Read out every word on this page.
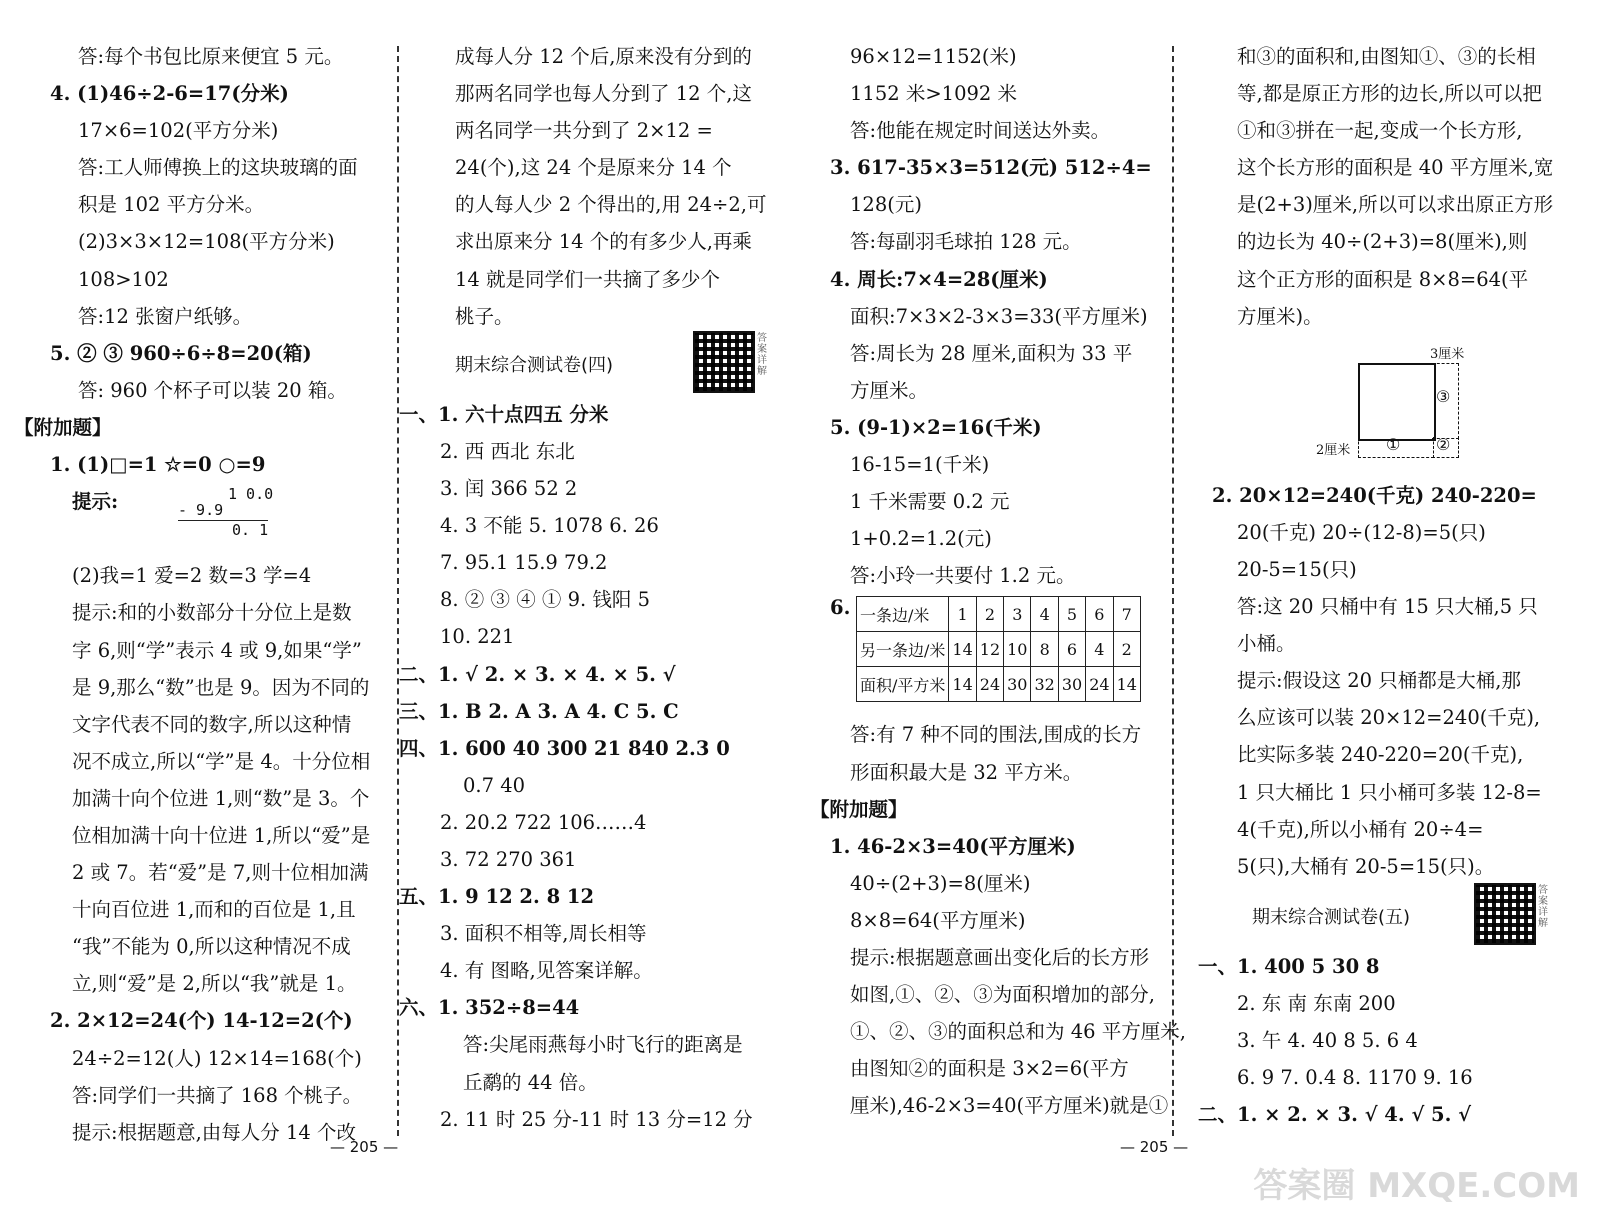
答:每个书包比原来便宜 5 元。
4. (1)46÷2-6=17(分米)
17×6=102(平方分米)
答:工人师傅换上的这块玻璃的面
积是 102 平方分米。
(2)3×3×12=108(平方分米)
108>102
答:12 张窗户纸够。
5. ② ③ 960÷6÷8=20(箱)
答: 960 个杯子可以装 20 箱。
【附加题】
1. (1)□=1 ☆=0 ○=9
提示:	1 0.0
- 9.9
0. 1
(2)我=1 爱=2 数=3 学=4
提示:和的小数部分十分位上是数
字 6,则“学”表示 4 或 9,如果“学”
是 9,那么“数”也是 9。因为不同的
文字代表不同的数字,所以这种情
况不成立,所以“学”是 4。十分位相
加满十向个位进 1,则“数”是 3。个
位相加满十向十位进 1,所以“爱”是
2 或 7。若“爱”是 7,则十位相加满
十向百位进 1,而和的百位是 1,且
“我”不能为 0,所以这种情况不成
立,则“爱”是 2,所以“我”就是 1。
2. 2×12=24(个) 14-12=2(个)
24÷2=12(人) 12×14=168(个)
答:同学们一共摘了 168 个桃子。
提示:根据题意,由每人分 14 个改
成每人分 12 个后,原来没有分到的
那两名同学也每人分到了 12 个,这
两名同学一共分到了 2×12 =
24(个),这 24 个是原来分 14 个
的人每人少 2 个得出的,用 24÷2,可
求出原来分 14 个的有多少人,再乘
14 就是同学们一共摘了多少个
桃子。
期末综合测试卷(四)
答案详解
一、1. 六十点四五 分米
2. 西 西北 东北
3. 闰 366 52 2
4. 3 不能 5. 1078 6. 26
7. 95.1 15.9 79.2
8. ② ③ ④ ① 9. 钱阳 5
10. 221
二、1. √ 2. × 3. × 4. × 5. √
三、1. B 2. A 3. A 4. C 5. C
四、1. 600 40 300 21 840 2.3 0
0.7 40
2. 20.2 722 106……4
3. 72 270 361
五、1. 9 12 2. 8 12
3. 面积不相等,周长相等
4. 有 图略,见答案详解。
六、1. 352÷8=44
答:尖尾雨燕每小时飞行的距离是
丘鹬的 44 倍。
2. 11 时 25 分-11 时 13 分=12 分
— 205 —
96×12=1152(米)
1152 米>1092 米
答:他能在规定时间送达外卖。
3. 617-35×3=512(元) 512÷4=
128(元)
答:每副羽毛球拍 128 元。
4. 周长:7×4=28(厘米)
面积:7×3×2-3×3=33(平方厘米)
答:周长为 28 厘米,面积为 33 平
方厘米。
5. (9-1)×2=16(千米)
16-15=1(千米)
1 千米需要 0.2 元
1+0.2=1.2(元)
答:小玲一共要付 1.2 元。
6. 一条边/米	1	2	3	4	5	6	7
另一条边/米	14	12	10	8	6	4	2
面积/平方米	14	24	30	32	30	24	14
答:有 7 种不同的围法,围成的长方
形面积最大是 32 平方米。
【附加题】
1. 46-2×3=40(平方厘米)
40÷(2+3)=8(厘米)
8×8=64(平方厘米)
提示:根据题意画出变化后的长方形
如图,①、②、③为面积增加的部分,
①、②、③的面积总和为 46 平方厘米,
由图知②的面积是 3×2=6(平方
厘米),46-2×3=40(平方厘米)就是①
和③的面积和,由图知①、③的长相
等,都是原正方形的边长,所以可以把
①和③拼在一起,变成一个长方形,
这个长方形的面积是 40 平方厘米,宽
是(2+3)厘米,所以可以求出原正方形
的边长为 40÷(2+3)=8(厘米),则
这个正方形的面积是 8×8=64(平
方厘米)。
3厘米
③
① ②
2厘米
2. 20×12=240(千克) 240-220=
20(千克) 20÷(12-8)=5(只)
20-5=15(只)
答:这 20 只桶中有 15 只大桶,5 只
小桶。
提示:假设这 20 只桶都是大桶,那
么应该可以装 20×12=240(千克),
比实际多装 240-220=20(千克),
1 只大桶比 1 只小桶可多装 12-8=
4(千克),所以小桶有 20÷4=
5(只),大桶有 20-5=15(只)。
期末综合测试卷(五)
答案详解
一、1. 400 5 30 8
2. 东 南 东南 200
3. 午 4. 40 8 5. 6 4
6. 9 7. 0.4 8. 1170 9. 16
二、1. × 2. × 3. √ 4. √ 5. √
— 205 —
答案圈 MXQE.COM
